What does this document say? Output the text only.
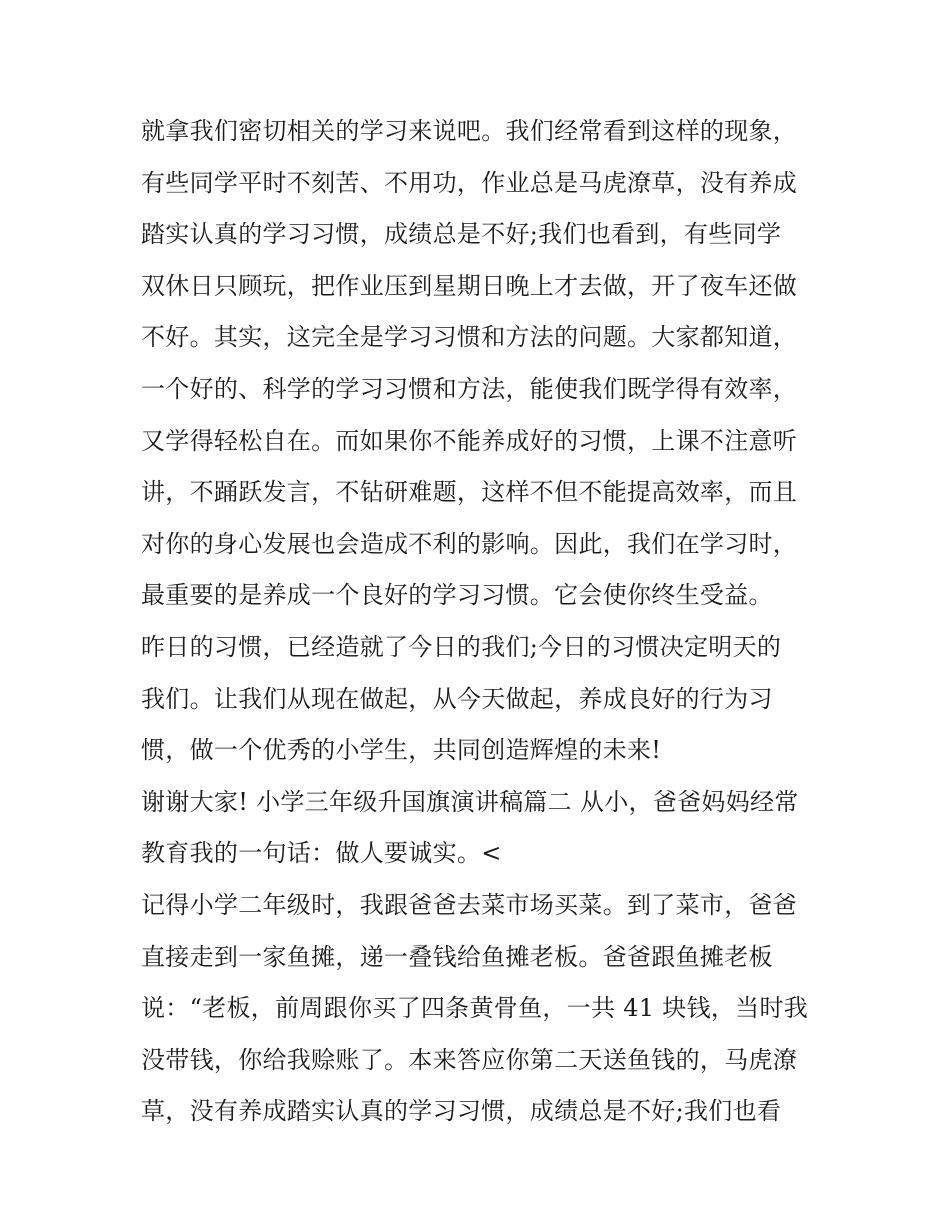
就拿我们密切相关的学习来说吧。我们经常看到这样的现象，
有些同学平时不刻苦、不用功，作业总是马虎潦草，没有养成
踏实认真的学习习惯，成绩总是不好;我们也看到，有些同学
双休日只顾玩，把作业压到星期日晚上才去做，开了夜车还做
不好。其实，这完全是学习习惯和方法的问题。大家都知道，
一个好的、科学的学习习惯和方法，能使我们既学得有效率，
又学得轻松自在。而如果你不能养成好的习惯，上课不注意听
讲，不踊跃发言，不钻研难题，这样不但不能提高效率，而且
对你的身心发展也会造成不利的影响。因此，我们在学习时，
最重要的是养成一个良好的学习习惯。它会使你终生受益。
昨日的习惯，已经造就了今日的我们;今日的习惯决定明天的
我们。让我们从现在做起，从今天做起，养成良好的行为习
惯，做一个优秀的小学生，共同创造辉煌的未来!
谢谢大家! 小学三年级升国旗演讲稿篇二 从小，爸爸妈妈经常
教育我的一句话：做人要诚实。<
记得小学二年级时，我跟爸爸去菜市场买菜。到了菜市，爸爸
直接走到一家鱼摊，递一叠钱给鱼摊老板。爸爸跟鱼摊老板
说：“老板，前周跟你买了四条黄骨鱼，一共 41 块钱，当时我
没带钱，你给我赊账了。本来答应你第二天送鱼钱的，马虎潦
草，没有养成踏实认真的学习习惯，成绩总是不好;我们也看
